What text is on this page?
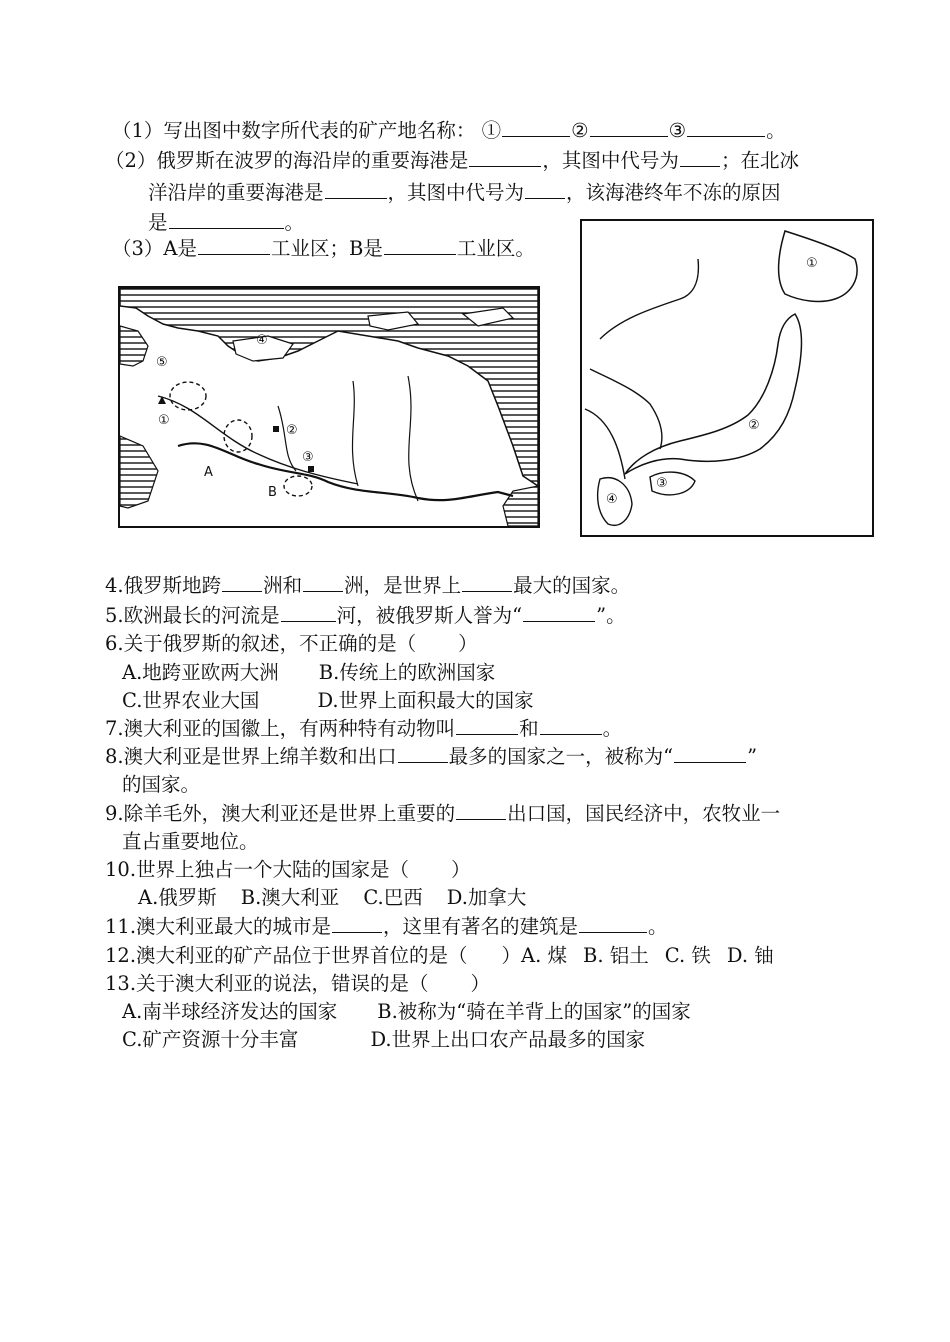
（1）写出图中数字所代表的矿产地名称： ①	②	③	。
（2）俄罗斯在波罗的海沿岸的重要海港是	，其图中代号为 ；在北冰
洋沿岸的重要海港是	，其图中代号为 ，该海港终年不冻的原因
是	。
（3）A是	工业区；B是	工业区。
④
⑤
①
②
③
A
B
①
②
③
④
4.俄罗斯地跨 洲和 洲，是世界上	最大的国家。
5.欧洲最长的河流是	河，被俄罗斯人誉为“	”。
6.关于俄罗斯的叙述，不正确的是（ ）
A.地跨亚欧两大洲 B.传统上的欧洲国家
C.世界农业大国	D.世界上面积最大的国家
7.澳大利亚的国徽上，有两种特有动物叫	和	。
8.澳大利亚是世界上绵羊数和出口	最多的国家之一，被称为“	”
的国家。
9.除羊毛外，澳大利亚还是世界上重要的	出口国，国民经济中，农牧业一
直占重要地位。
10.世界上独占一个大陆的国家是（ ）
A.俄罗斯 B.澳大利亚 C.巴西 D.加拿大
11.澳大利亚最大的城市是	，这里有著名的建筑是	。
12.澳大利亚的矿产品位于世界首位的是（ ）A. 煤 B. 铝土 C. 铁 D. 铀
13.关于澳大利亚的说法，错误的是（ ）
A.南半球经济发达的国家 B.被称为“骑在羊背上的国家”的国家
C.矿产资源十分丰富	D.世界上出口农产品最多的国家
